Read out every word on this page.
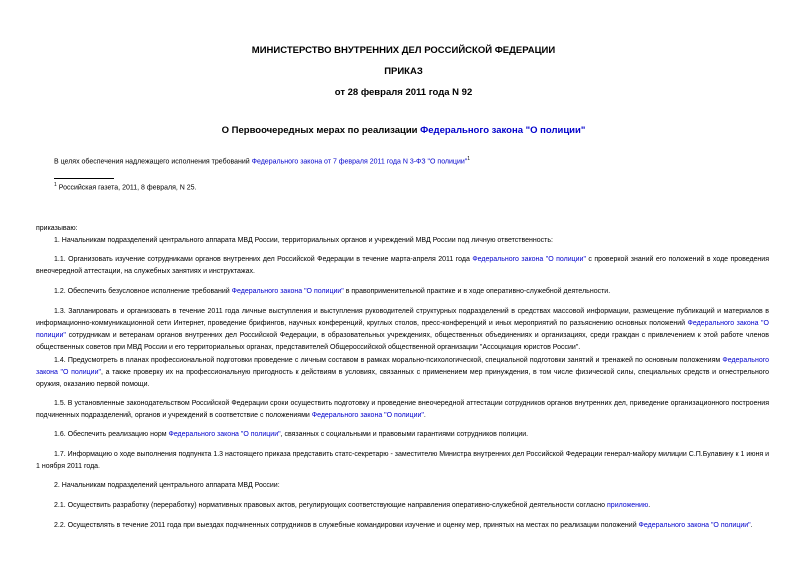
МИНИСТЕРСТВО ВНУТРЕННИХ ДЕЛ РОССИЙСКОЙ ФЕДЕРАЦИИ
ПРИКАЗ
от 28 февраля 2011 года N 92
О Первоочередных мерах по реализации Федерального закона "О полиции"
В целях обеспечения надлежащего исполнения требований Федерального закона от 7 февраля 2011 года N 3-ФЗ "О полиции"$^1$
$^1$ Российская газета, 2011, 8 февраля, N 25.
приказываю:
1. Начальникам подразделений центрального аппарата МВД России, территориальных органов и учреждений МВД России под личную ответственность:
1.1. Организовать изучение сотрудниками органов внутренних дел Российской Федерации в течение марта-апреля 2011 года Федерального закона "О полиции" с проверкой знаний его положений в ходе проведения внеочередной аттестации, на служебных занятиях и инструктажах.
1.2. Обеспечить безусловное исполнение требований Федерального закона "О полиции" в правоприменительной практике и в ходе оперативно-служебной деятельности.
1.3. Запланировать и организовать в течение 2011 года личные выступления и выступления руководителей структурных подразделений в средствах массовой информации, размещение публикаций и материалов в информационно-коммуникационной сети Интернет, проведение брифингов, научных конференций, круглых столов, пресс-конференций и иных мероприятий по разъяснению основных положений Федерального закона "О полиции" сотрудникам и ветеранам органов внутренних дел Российской Федерации, в образовательных учреждениях, общественных объединениях и организациях, среди граждан с привлечением к этой работе членов общественных советов при МВД России и его территориальных органах, представителей Общероссийской общественной организации "Ассоциация юристов России".
1.4. Предусмотреть в планах профессиональной подготовки проведение с личным составом в рамках морально-психологической, специальной подготовки занятий и тренажей по основным положениям Федерального закона "О полиции", а также проверку их на профессиональную пригодность к действиям в условиях, связанных с применением мер принуждения, в том числе физической силы, специальных средств и огнестрельного оружия, оказанию первой помощи.
1.5. В установленные законодательством Российской Федерации сроки осуществить подготовку и проведение внеочередной аттестации сотрудников органов внутренних дел, приведение организационного построения подчиненных подразделений, органов и учреждений в соответствие с положениями Федерального закона "О полиции".
1.6. Обеспечить реализацию норм Федерального закона "О полиции", связанных с социальными и правовыми гарантиями сотрудников полиции.
1.7. Информацию о ходе выполнения подпункта 1.3 настоящего приказа представить статс-секретарю - заместителю Министра внутренних дел Российской Федерации генерал-майору милиции С.П.Булавину к 1 июня и 1 ноября 2011 года.
2. Начальникам подразделений центрального аппарата МВД России:
2.1. Осуществить разработку (переработку) нормативных правовых актов, регулирующих соответствующие направления оперативно-служебной деятельности согласно приложению.
2.2. Осуществлять в течение 2011 года при выездах подчиненных сотрудников в служебные командировки изучение и оценку мер, принятых на местах по реализации положений Федерального закона "О полиции".
